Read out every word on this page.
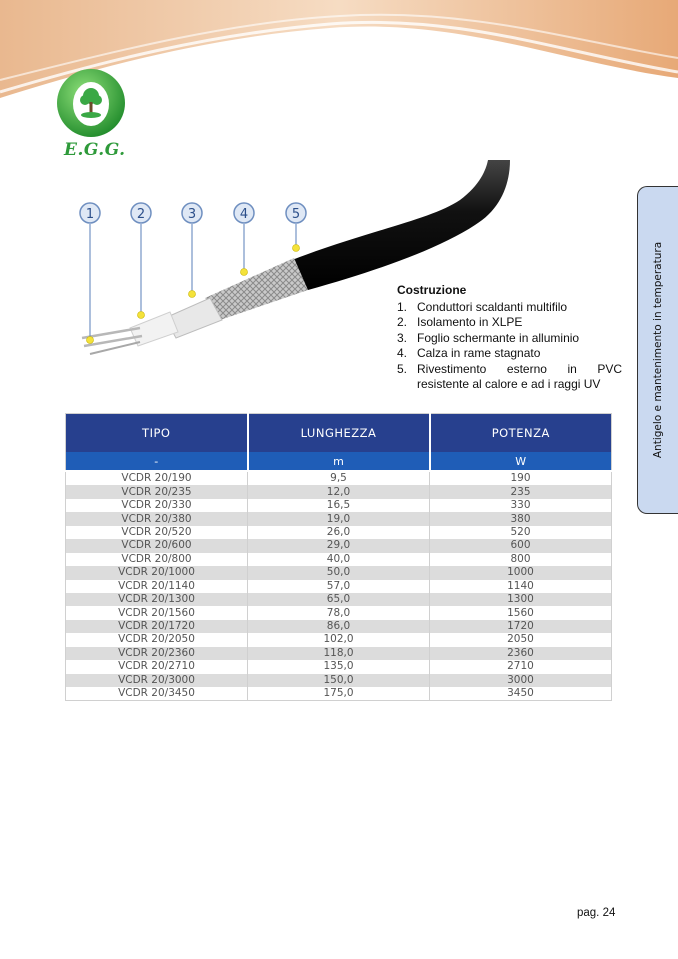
E.G.G.
1	2	3	4	5
Costruzione
1. Conduttori scaldanti multifilo
2. Isolamento in XLPE
3. Foglio schermante in alluminio
4. Calza in rame stagnato
5. Rivestimento esterno in PVC resistente al calore e ad i raggi UV	Antigelo e mantenimento in temperatura
TIPO	LUNGHEZZA	POTENZA
-	m	W
VCDR 20/190	9,5	190
VCDR 20/235	12,0	235
VCDR 20/330	16,5	330
VCDR 20/380	19,0	380
VCDR 20/520	26,0	520
VCDR 20/600	29,0	600
VCDR 20/800	40,0	800
VCDR 20/1000	50,0	1000
VCDR 20/1140	57,0	1140
VCDR 20/1300	65,0	1300
VCDR 20/1560	78,0	1560
VCDR 20/1720	86,0	1720
VCDR 20/2050	102,0	2050
VCDR 20/2360	118,0	2360
VCDR 20/2710	135,0	2710
VCDR 20/3000	150,0	3000
VCDR 20/3450	175,0	3450
pag. 24
